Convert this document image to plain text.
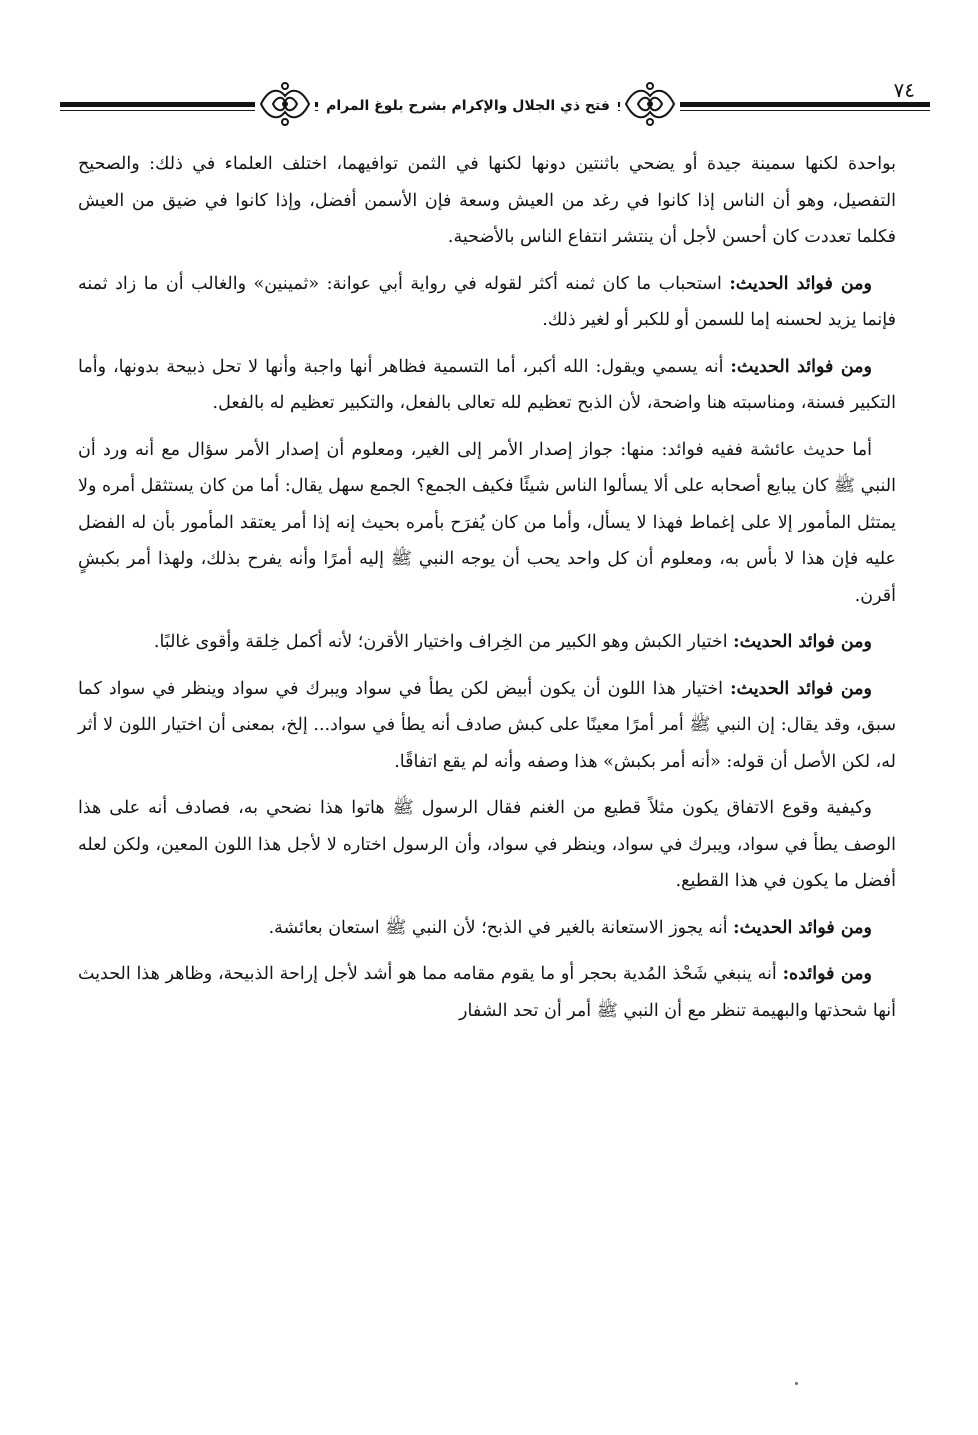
فتح ذي الجلال والإكرام بشرح بلوغ المرام
٧٤

بواحدة لكنها سمينة جيدة أو يضحي باثنتين دونها لكنها في الثمن توافيهما، اختلف العلماء في ذلك: والصحيح التفصيل، وهو أن الناس إذا كانوا في رغد من العيش وسعة فإن الأسمن أفضل، وإذا كانوا في ضيق من العيش فكلما تعددت كان أحسن لأجل أن ينتشر انتفاع الناس بالأضحية.

ومن فوائد الحديث: استحباب ما كان ثمنه أكثر لقوله في رواية أبي عوانة: «ثمينين» والغالب أن ما زاد ثمنه فإنما يزيد لحسنه إما للسمن أو للكبر أو لغير ذلك.

ومن فوائد الحديث: أنه يسمي ويقول: الله أكبر، أما التسمية فظاهر أنها واجبة وأنها لا تحل ذبيحة بدونها، وأما التكبير فسنة، ومناسبته هنا واضحة، لأن الذبح تعظيم لله تعالى بالفعل، والتكبير تعظيم له بالفعل.

أما حديث عائشة ففيه فوائد: منها: جواز إصدار الأمر إلى الغير، ومعلوم أن إصدار الأمر سؤال مع أنه ورد أن النبي ﷺ كان يبايع أصحابه على ألا يسألوا الناس شيئًا فكيف الجمع؟ الجمع سهل يقال: أما من كان يستثقل أمره ولا يمتثل المأمور إلا على إغماط فهذا لا يسأل، وأما من كان يُفرَح بأمره بحيث إنه إذا أمر يعتقد المأمور بأن له الفضل عليه فإن هذا لا بأس به، ومعلوم أن كل واحد يحب أن يوجه النبي ﷺ إليه أمرًا وأنه يفرح بذلك، ولهذا أمر بكبشٍ أقرن.

ومن فوائد الحديث: اختيار الكبش وهو الكبير من الخِراف واختيار الأقرن؛ لأنه أكمل خِلقة وأقوى غالبًا.

ومن فوائد الحديث: اختيار هذا اللون أن يكون أبيض لكن يطأ في سواد ويبرك في سواد وينظر في سواد كما سبق، وقد يقال: إن النبي ﷺ أمر أمرًا معينًا على كبش صادف أنه يطأ في سواد... إلخ، بمعنى أن اختيار اللون لا أثر له، لكن الأصل أن قوله: «أنه أمر بكبش» هذا وصفه وأنه لم يقع اتفاقًا.

وكيفية وقوع الاتفاق يكون مثلاً قطيع من الغنم فقال الرسول ﷺ هاتوا هذا نضحي به، فصادف أنه على هذا الوصف يطأ في سواد، ويبرك في سواد، وينظر في سواد، وأن الرسول اختاره لا لأجل هذا اللون المعين، ولكن لعله أفضل ما يكون في هذا القطيع.

ومن فوائد الحديث: أنه يجوز الاستعانة بالغير في الذبح؛ لأن النبي ﷺ استعان بعائشة.

ومن فوائده: أنه ينبغي شَحْذ المُدية بحجر أو ما يقوم مقامه مما هو أشد لأجل إراحة الذبيحة، وظاهر هذا الحديث أنها شحذتها والبهيمة تنظر مع أن النبي ﷺ أمر أن تحد الشفار
